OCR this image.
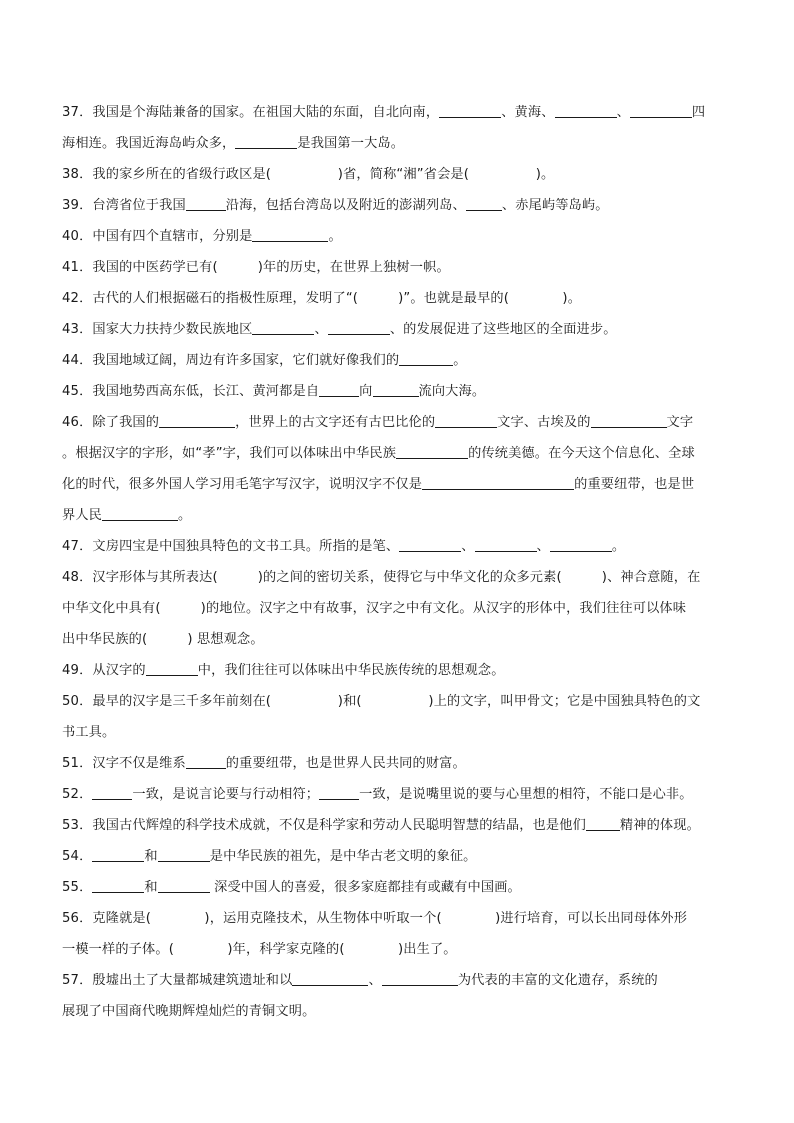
37．我国是个海陆兼备的国家。在祖国大陆的东面，自北向南，	、黄海、	、	四
海相连。我国近海岛屿众多，	是我国第一大岛。
38．我的家乡所在的省级行政区是(　　　　　)省，简称“湘”省会是(　　　　　)。
39．台湾省位于我国	沿海，包括台湾岛以及附近的澎湖列岛、	、赤尾屿等岛屿。
40．中国有四个直辖市，分别是	。
41．我国的中医药学已有(　　　)年的历史，在世界上独树一帜。
42．古代的人们根据磁石的指极性原理，发明了“(　　　)”。也就是最早的(　　　　)。
43．国家大力扶持少数民族地区	、	、的发展促进了这些地区的全面进步。
44．我国地域辽阔，周边有许多国家，它们就好像我们的	。
45．我国地势西高东低，长江、黄河都是自	向	流向大海。
46．除了我国的	，世界上的古文字还有古巴比伦的	文字、古埃及的	文字
。根据汉字的字形，如“孝”字，我们可以体味出中华民族	的传统美德。在今天这个信息化、全球
化的时代，很多外国人学习用毛笔字写汉字，说明汉字不仅是	的重要纽带，也是世
界人民	。
47．文房四宝是中国独具特色的文书工具。所指的是笔、	、	、	。
48．汉字形体与其所表达(　　　)的之间的密切关系，使得它与中华文化的众多元素(　　　)、神合意随，在
中华文化中具有(　　　)的地位。汉字之中有故事，汉字之中有文化。从汉字的形体中，我们往往可以体味
出中华民族的(　　　) 思想观念。
49．从汉字的	中，我们往往可以体味出中华民族传统的思想观念。
50．最早的汉字是三千多年前刻在(　　　　　)和(　　　　　)上的文字，叫甲骨文；它是中国独具特色的文
书工具。
51．汉字不仅是维系	的重要纽带，也是世界人民共同的财富。
52．	一致，是说言论要与行动相符；	一致，是说嘴里说的要与心里想的相符，不能口是心非。
53．我国古代辉煌的科学技术成就，不仅是科学家和劳动人民聪明智慧的结晶，也是他们	精神的体现。
54．	和	是中华民族的祖先，是中华古老文明的象征。
55．	和	深受中国人的喜爱，很多家庭都挂有或藏有中国画。
56．克隆就是(　　　　)，运用克隆技术，从生物体中听取一个(　　　　)进行培育，可以长出同母体外形
一模一样的子体。(　　　　)年，科学家克隆的(　　　　)出生了。
57．殷墟出土了大量都城建筑遗址和以	、	为代表的丰富的文化遗存，系统的
展现了中国商代晚期辉煌灿烂的青铜文明。
